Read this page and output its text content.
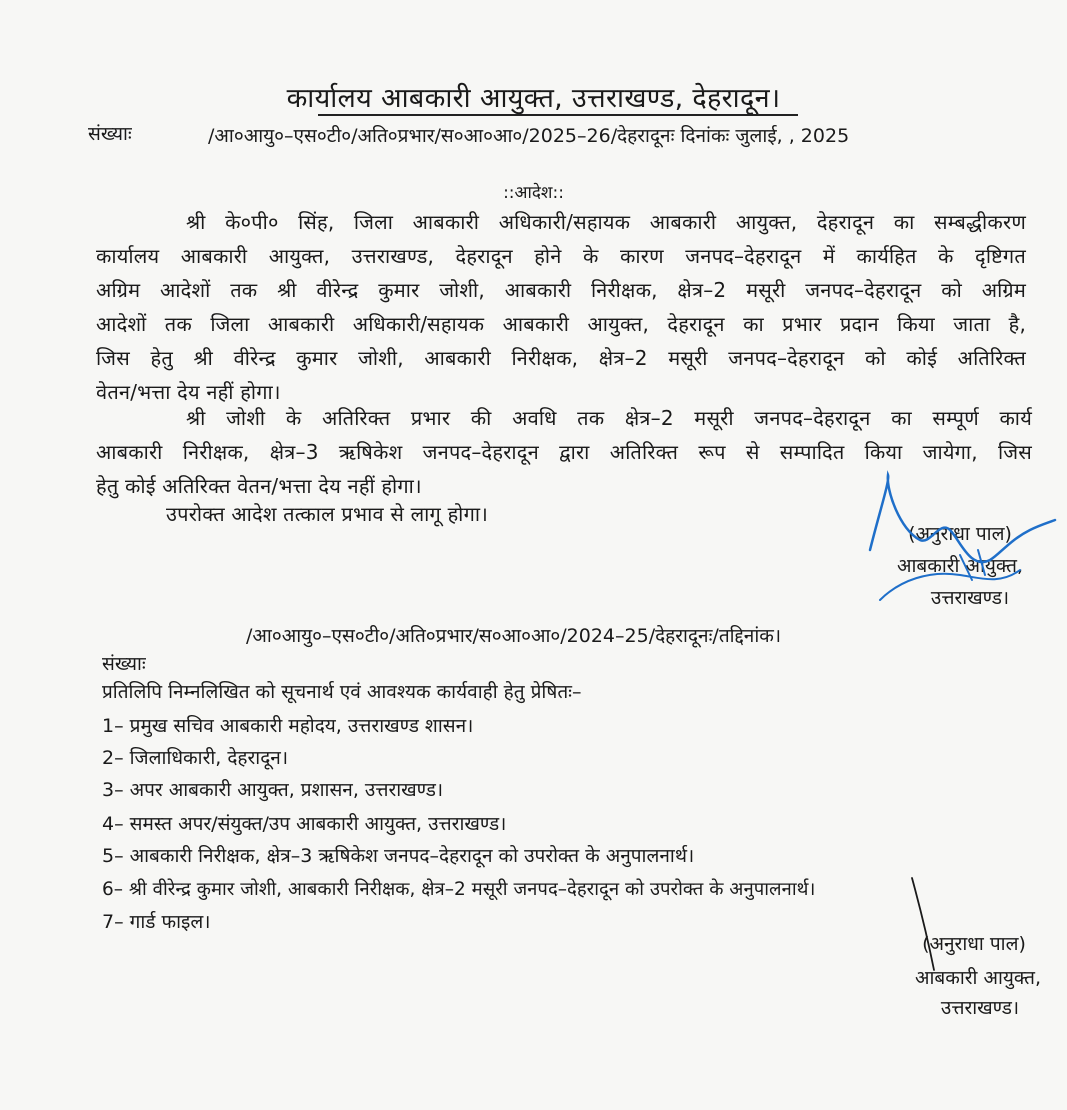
कार्यालय आबकारी आयुक्त, उत्तराखण्ड, देहरादून।
संख्याः	/आ०आयु०–एस०टी०/अति०प्रभार/स०आ०आ०/2025–26/देहरादूनः दिनांकः जुलाई, , 2025
::आदेश::
श्री के०पी० सिंह, जिला आबकारी अधिकारी/सहायक आबकारी आयुक्त, देहरादून का सम्बद्धीकरण
कार्यालय आबकारी आयुक्त, उत्तराखण्ड, देहरादून होने के कारण जनपद–देहरादून में कार्यहित के दृष्टिगत
अग्रिम आदेशों तक श्री वीरेन्द्र कुमार जोशी, आबकारी निरीक्षक, क्षेत्र–2 मसूरी जनपद–देहरादून को अग्रिम
आदेशों तक जिला आबकारी अधिकारी/सहायक आबकारी आयुक्त, देहरादून का प्रभार प्रदान किया जाता है,
जिस हेतु श्री वीरेन्द्र कुमार जोशी, आबकारी निरीक्षक, क्षेत्र–2 मसूरी जनपद–देहरादून को कोई अतिरिक्त
वेतन/भत्ता देय नहीं होगा।
श्री जोशी के अतिरिक्त प्रभार की अवधि तक क्षेत्र–2 मसूरी जनपद–देहरादून का सम्पूर्ण कार्य
आबकारी निरीक्षक, क्षेत्र–3 ऋषिकेश जनपद–देहरादून द्वारा अतिरिक्त रूप से सम्पादित किया जायेगा, जिस
हेतु कोई अतिरिक्त वेतन/भत्ता देय नहीं होगा।
उपरोक्त आदेश तत्काल प्रभाव से लागू होगा।
(अनुराधा पाल)
आबकारी आयुक्त,
उत्तराखण्ड।
संख्याः
/आ०आयु०–एस०टी०/अति०प्रभार/स०आ०आ०/2024–25/देहरादूनः/तद्दिनांक।
प्रतिलिपि निम्नलिखित को सूचनार्थ एवं आवश्यक कार्यवाही हेतु प्रेषितः–
1– प्रमुख सचिव आबकारी महोदय, उत्तराखण्ड शासन।
2– जिलाधिकारी, देहरादून।
3– अपर आबकारी आयुक्त, प्रशासन, उत्तराखण्ड।
4– समस्त अपर/संयुक्त/उप आबकारी आयुक्त, उत्तराखण्ड।
5– आबकारी निरीक्षक, क्षेत्र–3 ऋषिकेश जनपद–देहरादून को उपरोक्त के अनुपालनार्थ।
6– श्री वीरेन्द्र कुमार जोशी, आबकारी निरीक्षक, क्षेत्र–2 मसूरी जनपद–देहरादून को उपरोक्त के अनुपालनार्थ।
7– गार्ड फाइल।
(अनुराधा पाल)
आबकारी आयुक्त,
उत्तराखण्ड।
